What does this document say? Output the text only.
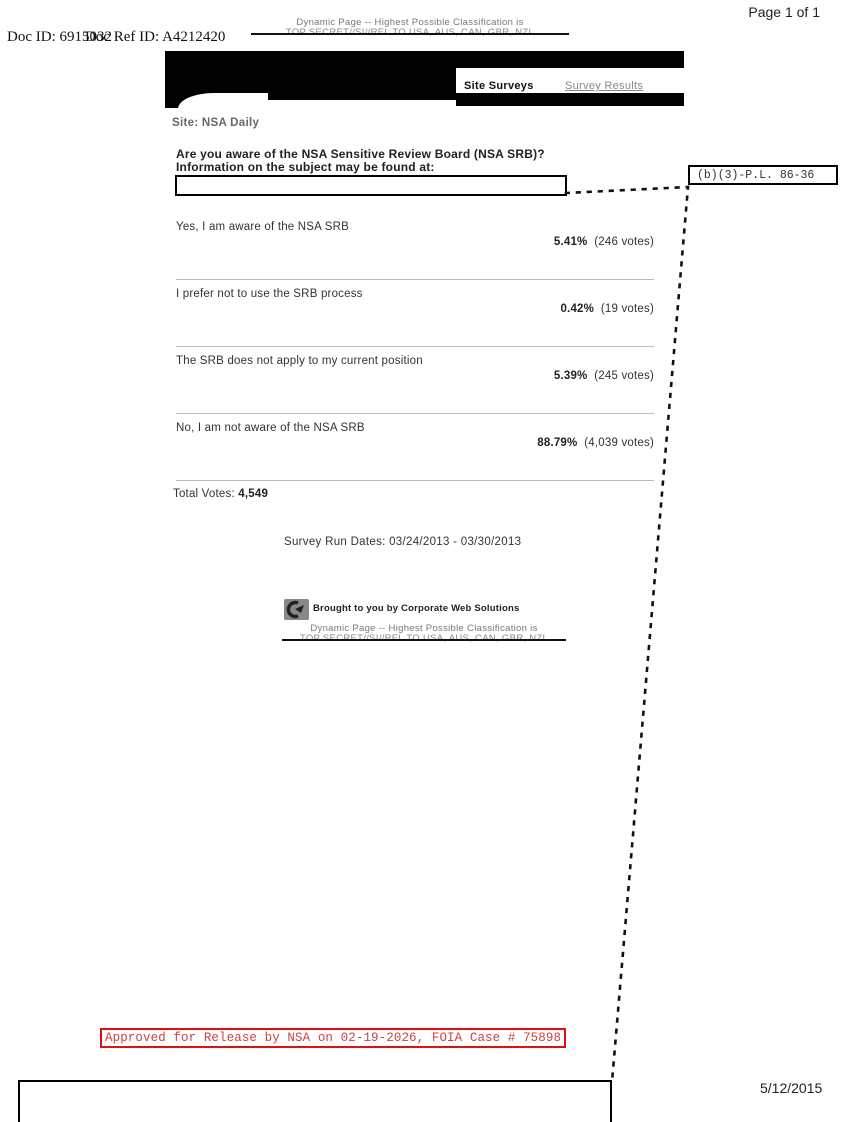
Page 1 of 1
Doc ID: 6915032
Doc Ref ID: A4212420
Dynamic Page -- Highest Possible Classification is
Site Surveys	Survey Results
Site: NSA Daily
Are you aware of the NSA Sensitive Review Board (NSA SRB)?
Information on the subject may be found at:
(b)(3)-P.L. 86-36
Yes, I am aware of the NSA SRB
5.41% (246 votes)
I prefer not to use the SRB process
0.42% (19 votes)
The SRB does not apply to my current position
5.39% (245 votes)
No, I am not aware of the NSA SRB
88.79% (4,039 votes)
Total Votes: 4,549
Survey Run Dates: 03/24/2013 - 03/30/2013
Brought to you by Corporate Web Solutions
Dynamic Page -- Highest Possible Classification is
Approved for Release by NSA on 02-19-2026, FOIA Case # 75898
5/12/2015
